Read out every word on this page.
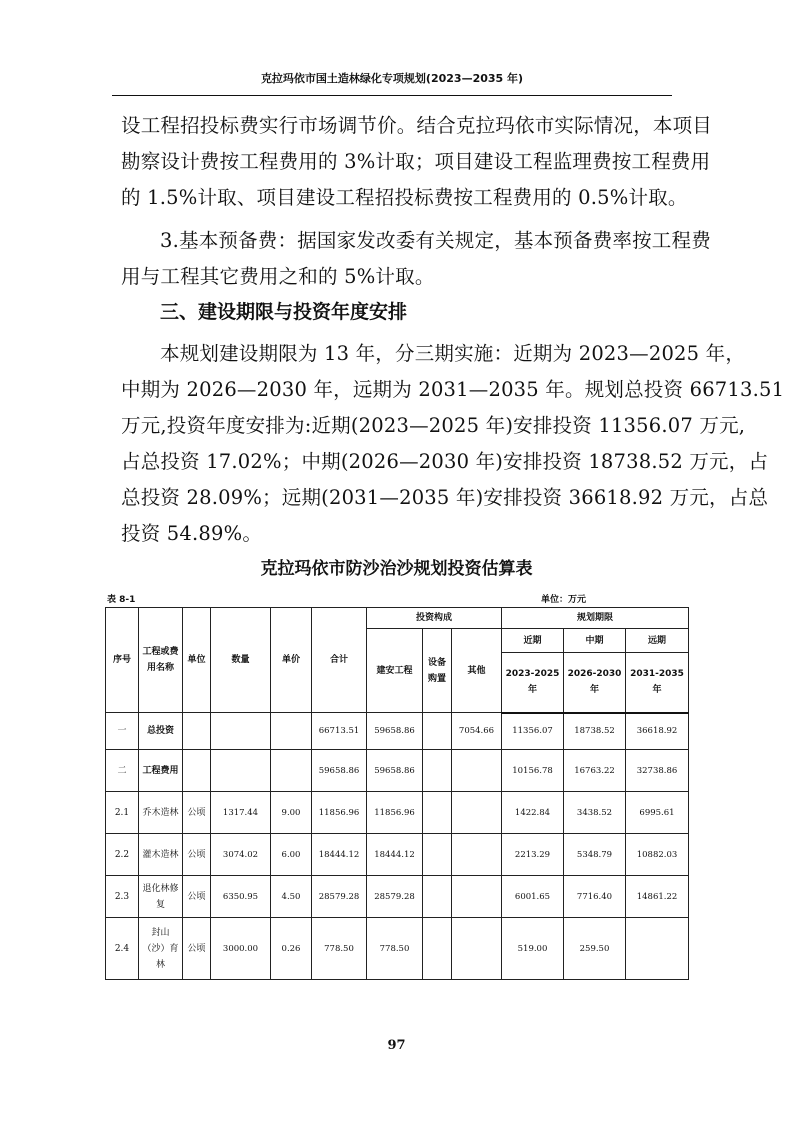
克拉玛依市国土造林绿化专项规划(2023—2035 年)
设工程招投标费实行市场调节价。结合克拉玛依市实际情况，本项目
勘察设计费按工程费用的 3%计取；项目建设工程监理费按工程费用
的 1.5%计取、项目建设工程招投标费按工程费用的 0.5%计取。
3.基本预备费：据国家发改委有关规定，基本预备费率按工程费
用与工程其它费用之和的 5%计取。
三、建设期限与投资年度安排
本规划建设期限为 13 年，分三期实施：近期为 2023—2025 年，
中期为 2026—2030 年，远期为 2031—2035 年。规划总投资 66713.51
万元,投资年度安排为:近期(2023—2025 年)安排投资 11356.07 万元,
占总投资 17.02%；中期(2026—2030 年)安排投资 18738.52 万元，占
总投资 28.09%；远期(2031—2035 年)安排投资 36618.92 万元，占总
投资 54.89%。
克拉玛依市防沙治沙规划投资估算表
表 8-1	单位：万元
序号	工程或费用名称	单位	数量	单价	合计	投资构成			规划期限		
						建安工程	设备购置	其他	近期	中期	远期
									2023-2025年	2026-2030年	2031-2035年
一	总投资				66713.51	59658.86		7054.66	11356.07	18738.52	36618.92
二	工程费用				59658.86	59658.86			10156.78	16763.22	32738.86
2.1	乔木造林	公顷	1317.44	9.00	11856.96	11856.96			1422.84	3438.52	6995.61
2.2	灌木造林	公顷	3074.02	6.00	18444.12	18444.12			2213.29	5348.79	10882.03
2.3	退化林修复	公顷	6350.95	4.50	28579.28	28579.28			6001.65	7716.40	14861.22
2.4	封山（沙）育林	公顷	3000.00	0.26	778.50	778.50			519.00	259.50	
97
